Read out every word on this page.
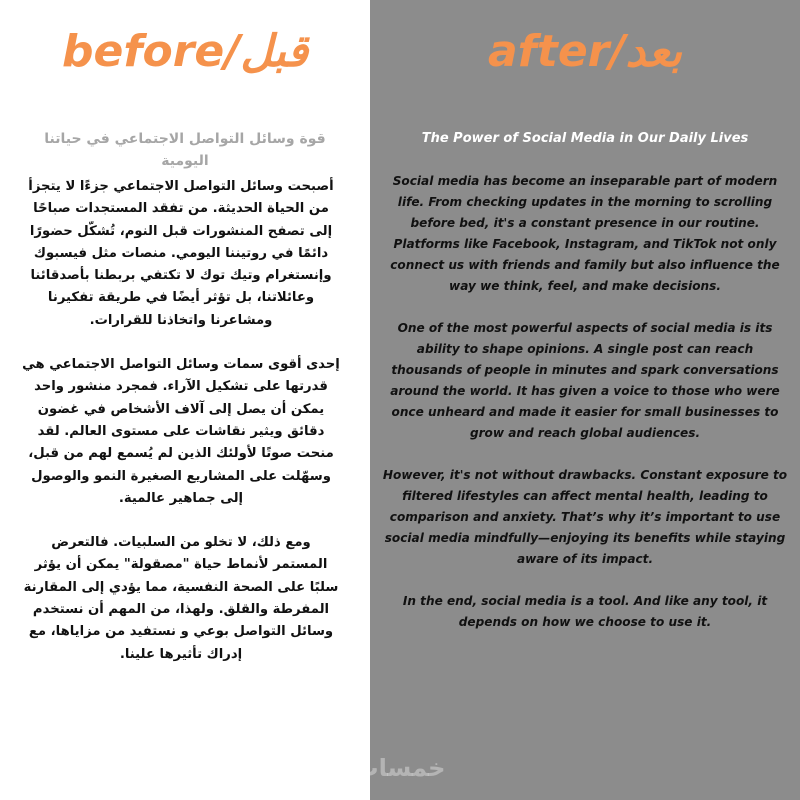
before/قبل
قوة وسائل التواصل الاجتماعي في حياتنا اليومية

أصبحت وسائل التواصل الاجتماعي جزءًا لا يتجزأ من الحياة الحديثة. من تفقد المستجدات صباحًا إلى تصفح المنشورات قبل النوم، تُشكّل حضورًا دائمًا في روتيننا اليومي. منصات مثل فيسبوك وإنستغرام وتيك توك لا تكتفي بربطنا بأصدقائنا وعائلاتنا، بل تؤثر أيضًا في طريقة تفكيرنا ومشاعرنا واتخاذنا للقرارات.

إحدى أقوى سمات وسائل التواصل الاجتماعي هي قدرتها على تشكيل الآراء. فمجرد منشور واحد يمكن أن يصل إلى آلاف الأشخاص في غضون دقائق ويثير نقاشات على مستوى العالم. لقد منحت صوتًا لأولئك الذين لم يُسمع لهم من قبل، وسهّلت على المشاريع الصغيرة النمو والوصول إلى جماهير عالمية.

ومع ذلك، لا تخلو من السلبيات. فالتعرض المستمر لأنماط حياة "مصقولة" يمكن أن يؤثر سلبًا على الصحة النفسية، مما يؤدي إلى المقارنة المفرطة والقلق. ولهذا، من المهم أن نستخدم وسائل التواصل بوعي و نستفيد من مزاياها، مع إدراك تأثيرها علينا.

after/بعد
The Power of Social Media in Our Daily Lives

Social media has become an inseparable part of modern life. From checking updates in the morning to scrolling before bed, it's a constant presence in our routine. Platforms like Facebook, Instagram, and TikTok not only connect us with friends and family but also influence the way we think, feel, and make decisions.

One of the most powerful aspects of social media is its ability to shape opinions. A single post can reach thousands of people in minutes and spark conversations around the world. It has given a voice to those who were once unheard and made it easier for small businesses to grow and reach global audiences.

However, it's not without drawbacks. Constant exposure to filtered lifestyles can affect mental health, leading to comparison and anxiety. That’s why it’s important to use social media mindfully—enjoying its benefits while staying aware of its impact.

In the end, social media is a tool. And like any tool, it depends on how we choose to use it.

خمسات
